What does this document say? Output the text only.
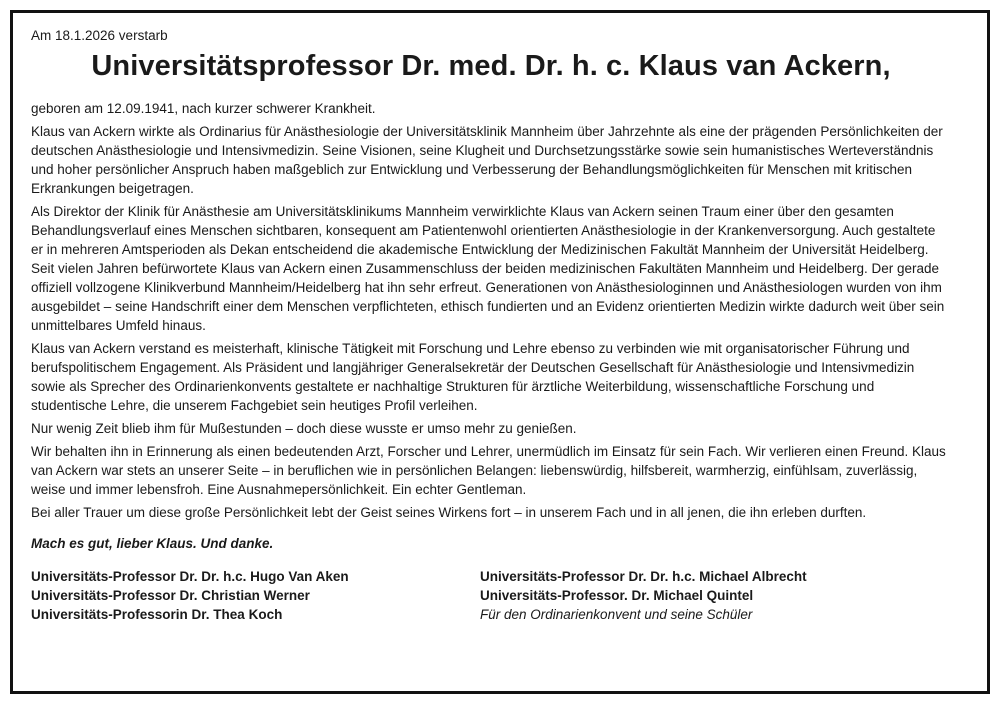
Am 18.1.2026 verstarb

Universitätsprofessor Dr. med. Dr. h. c. Klaus van Ackern,

geboren am 12.09.1941, nach kurzer schwerer Krankheit.

Klaus van Ackern wirkte als Ordinarius für Anästhesiologie der Universitätsklinik Mannheim über Jahrzehnte als eine der prägenden Persönlichkeiten der deutschen Anästhesiologie und Intensivmedizin. Seine Visionen, seine Klugheit und Durchsetzungsstärke sowie sein humanistisches Werteverständnis und hoher persönlicher Anspruch haben maßgeblich zur Entwicklung und Verbesserung der Behandlungsmöglichkeiten für Menschen mit kritischen Erkrankungen beigetragen.

Als Direktor der Klinik für Anästhesie am Universitätsklinikums Mannheim verwirklichte Klaus van Ackern seinen Traum einer über den gesamten Behandlungsverlauf eines Menschen sichtbaren, konsequent am Patientenwohl orientierten Anästhesiologie in der Krankenversorgung. Auch gestaltete er in mehreren Amtsperioden als Dekan entscheidend die akademische Entwicklung der Medizinischen Fakultät Mannheim der Universität Heidelberg. Seit vielen Jahren befürwortete Klaus van Ackern einen Zusammenschluss der beiden medizinischen Fakultäten Mannheim und Heidelberg. Der gerade offiziell vollzogene Klinikverbund Mannheim/Heidelberg hat ihn sehr erfreut. Generationen von Anästhesiologinnen und Anästhesiologen wurden von ihm ausgebildet – seine Handschrift einer dem Menschen verpflichteten, ethisch fundierten und an Evidenz orientierten Medizin wirkte dadurch weit über sein unmittelbares Umfeld hinaus.

Klaus van Ackern verstand es meisterhaft, klinische Tätigkeit mit Forschung und Lehre ebenso zu verbinden wie mit organisatorischer Führung und berufspolitischem Engagement. Als Präsident und langjähriger Generalsekretär der Deutschen Gesellschaft für Anästhesiologie und Intensivmedizin sowie als Sprecher des Ordinarienkonvents gestaltete er nachhaltige Strukturen für ärztliche Weiterbildung, wissenschaftliche Forschung und studentische Lehre, die unserem Fachgebiet sein heutiges Profil verleihen.

Nur wenig Zeit blieb ihm für Mußestunden – doch diese wusste er umso mehr zu genießen.

Wir behalten ihn in Erinnerung als einen bedeutenden Arzt, Forscher und Lehrer, unermüdlich im Einsatz für sein Fach. Wir verlieren einen Freund. Klaus van Ackern war stets an unserer Seite – in beruflichen wie in persönlichen Belangen: liebenswürdig, hilfsbereit, warmherzig, einfühlsam, zuverlässig, weise und immer lebensfroh. Eine Ausnahmepersönlichkeit. Ein echter Gentleman.

Bei aller Trauer um diese große Persönlichkeit lebt der Geist seines Wirkens fort – in unserem Fach und in all jenen, die ihn erleben durften.

Mach es gut, lieber Klaus. Und danke.

Universitäts-Professor Dr. Dr. h.c. Hugo Van Aken

Universitäts-Professor Dr. Christian Werner

Universitäts-Professorin Dr. Thea Koch

Universitäts-Professor Dr. Dr. h.c. Michael Albrecht

Universitäts-Professor. Dr. Michael Quintel

Für den Ordinarienkonvent und seine Schüler
